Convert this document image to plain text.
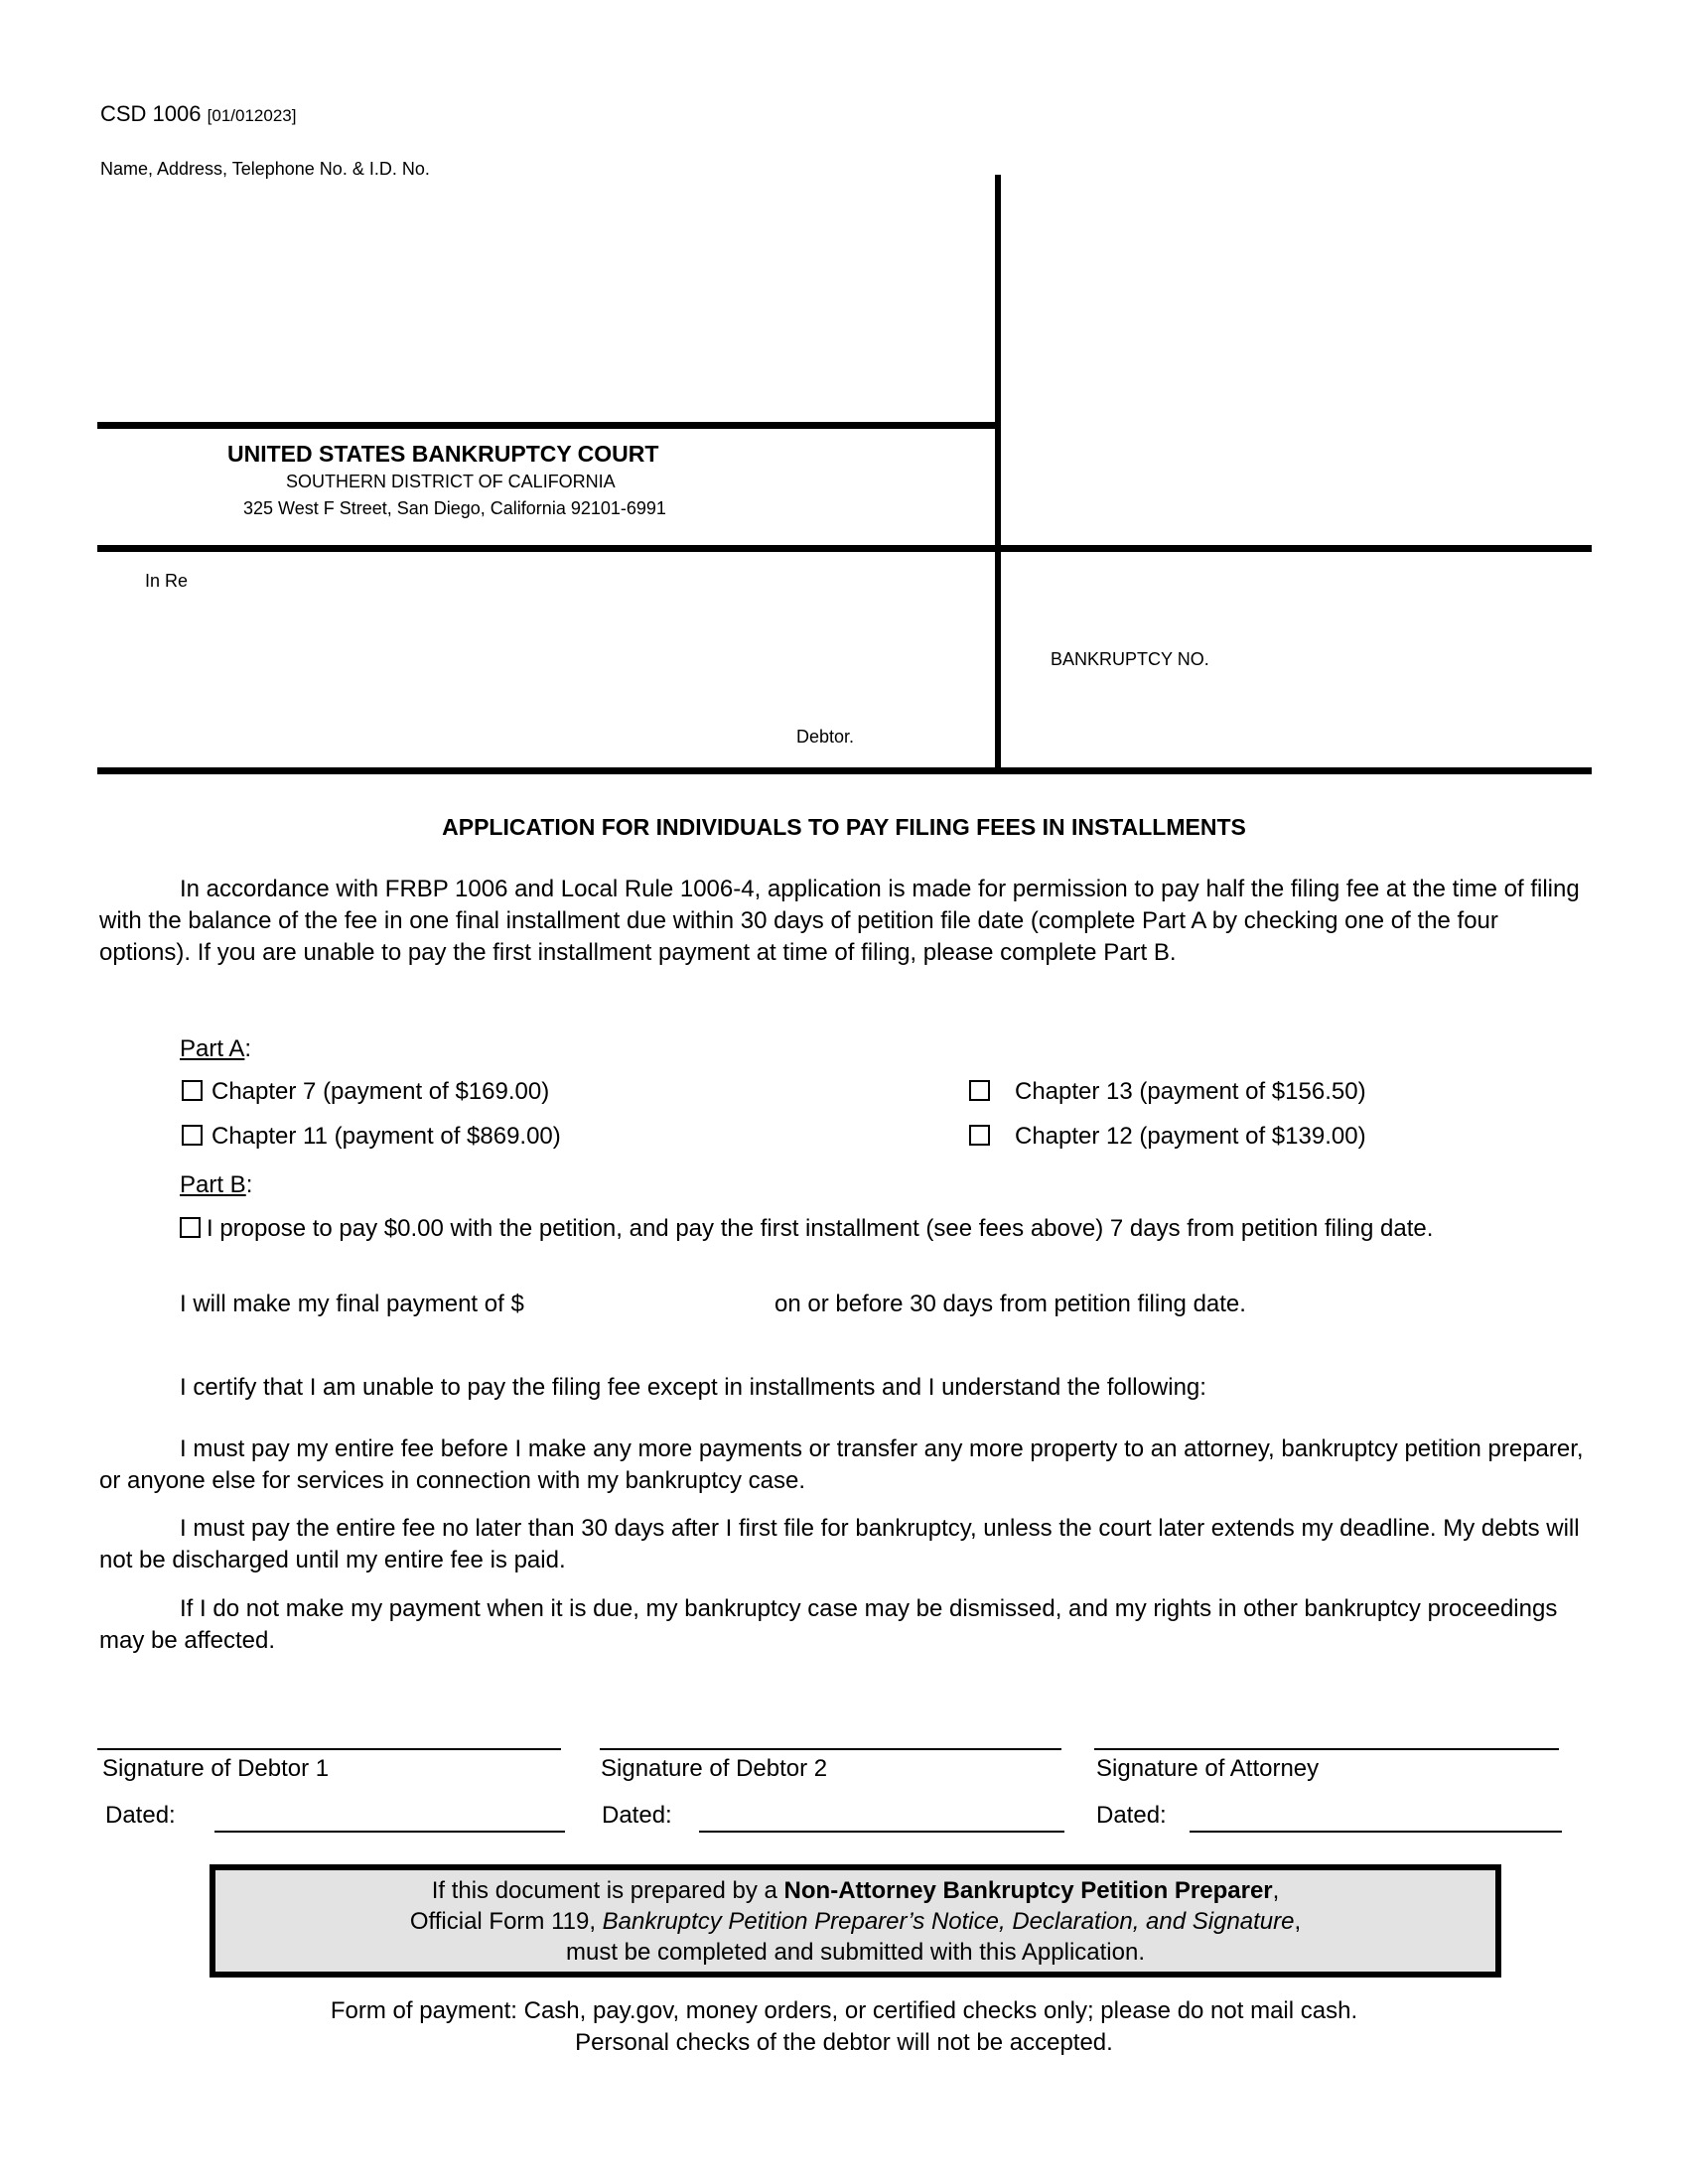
CSD 1006 [01/012023]
Name, Address, Telephone No. & I.D. No.
UNITED STATES BANKRUPTCY COURT
SOUTHERN DISTRICT OF CALIFORNIA
325 West F Street, San Diego, California 92101-6991
In Re
Debtor.
BANKRUPTCY NO.
APPLICATION FOR INDIVIDUALS TO PAY FILING FEES IN INSTALLMENTS
In accordance with FRBP 1006 and Local Rule 1006-4, application is made for permission to pay half the filing fee at the time of filing with the balance of the fee in one final installment due within 30 days of petition file date (complete Part A by checking one of the four options). If you are unable to pay the first installment payment at time of filing, please complete Part B.
Part A:
Chapter 7 (payment of $169.00)
Chapter 11 (payment of $869.00)
Chapter 13 (payment of $156.50)
Chapter 12 (payment of $139.00)
Part B:
I propose to pay $0.00 with the petition, and pay the first installment (see fees above) 7 days from petition filing date.
I will make my final payment of $	on or before 30 days from petition filing date.
I certify that I am unable to pay the filing fee except in installments and I understand the following:
I must pay my entire fee before I make any more payments or transfer any more property to an attorney, bankruptcy petition preparer, or anyone else for services in connection with my bankruptcy case.
I must pay the entire fee no later than 30 days after I first file for bankruptcy, unless the court later extends my deadline. My debts will not be discharged until my entire fee is paid.
If I do not make my payment when it is due, my bankruptcy case may be dismissed, and my rights in other bankruptcy proceedings may be affected.
Signature of Debtor 1
Dated:
Signature of Debtor 2
Dated:
Signature of Attorney
Dated:
If this document is prepared by a Non-Attorney Bankruptcy Petition Preparer,
Official Form 119, Bankruptcy Petition Preparer’s Notice, Declaration, and Signature,
must be completed and submitted with this Application.
Form of payment: Cash, pay.gov, money orders, or certified checks only; please do not mail cash.
Personal checks of the debtor will not be accepted.
